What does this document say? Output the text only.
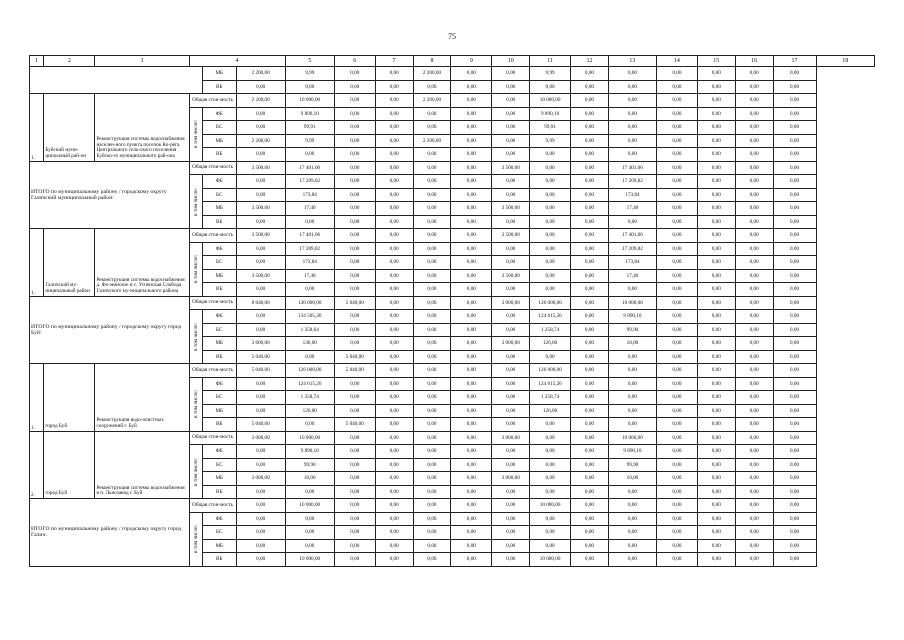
75
1	2	3	4			5	6	7	8	9	10	11	12	13	14	15	16	17	18
				МБ	2 200,00	9,99	0,00	0,00	2 200,00	0,00	0,00	9,99	0,00	0,00	0,00	0,00	0,00	0,00	
				ВБ	0,00	0,00	0,00	0,00	0,00	0,00	0,00	0,00	0,00	0,00	0,00	0,00	0,00	0,00	
1.	Буйский муни-ципальный рай-он	Реконструкция системы водоснабжения населен-ного пункта поселок Ко-рёга Центрального сель-ского поселения Буйско-го муниципального рай-она	Общая стои-мость		2 200,00	10 000,00	0,00	0,00	2 200,00	0,00	0,00	10 000,00	0,00	0,00	0,00	0,00	0,00	0,00	

			в том числе:	ФБ	0,00	9 890,10	0,00	0,00	0,00	0,00	0,00	9 890,10	0,00	0,00	0,00	0,00	0,00	0,00	
				БС	0,00	99,91	0,00	0,00	0,00	0,00	0,00	99,91	0,00	0,00	0,00	0,00	0,00	0,00	
				МБ	2 200,00	9,99	0,00	0,00	2 200,00	0,00	0,00	9,99	0,00	0,00	0,00	0,00	0,00	0,00	
				ВБ	0,00	0,00	0,00	0,00	0,00	0,00	0,00	0,00	0,00	0,00	0,00	0,00	0,00	0,00	
ИТОГО по муниципальному району / городскому округу Галичский муниципальный район:			Общая стои-мость		3 500,00	17 401,06	0,00	0,00	0,00	0,00	3 500,00	0,00	0,00	17 401,06	0,00	0,00	0,00	0,00	

			в том числе:	ФБ	0,00	17 209,82	0,00	0,00	0,00	0,00	0,00	0,00	0,00	17 209,82	0,00	0,00	0,00	0,00	
				БС	0,00	173,84	0,00	0,00	0,00	0,00	0,00	0,00	0,00	173,84	0,00	0,00	0,00	0,00	
				МБ	3 500,00	17,40	0,00	0,00	0,00	0,00	3 500,00	0,00	0,00	17,40	0,00	0,00	0,00	0,00	
				ВБ	0,00	0,00	0,00	0,00	0,00	0,00	0,00	0,00	0,00	0,00	0,00	0,00	0,00	0,00	
1.	Галичский му-ниципальный район	Реконструкция системы водоснабжения д. Фо-минское и с. Успенская Слобода Галичского му-ниципального района	Общая стои-мость		3 500,00	17 401,06	0,00	0,00	0,00	0,00	3 500,00	0,00	0,00	17 401,06	0,00	0,00	0,00	0,00	

			в том числе:	ФБ	0,00	17 209,82	0,00	0,00	0,00	0,00	0,00	0,00	0,00	17 209,82	0,00	0,00	0,00	0,00	
				БС	0,00	173,84	0,00	0,00	0,00	0,00	0,00	0,00	0,00	173,84	0,00	0,00	0,00	0,00	
				МБ	3 500,00	17,40	0,00	0,00	0,00	0,00	3 500,00	0,00	0,00	17,40	0,00	0,00	0,00	0,00	
				ВБ	0,00	0,00	0,00	0,00	0,00	0,00	0,00	0,00	0,00	0,00	0,00	0,00	0,00	0,00	
ИТОГО по муниципальному району / городскому округу город Буй:			Общая стои-мость		8 040,00	136 000,00	5 040,00	0,00	0,00	0,00	3 000,00	126 000,00	0,00	10 000,00	0,00	0,00	0,00	0,00	

			в том числе:	ФБ	0,00	134 505,36	0,00	0,00	0,00	0,00	0,00	124 615,26	0,00	9 890,10	0,00	0,00	0,00	0,00	
				БС	0,00	1 358,64	0,00	0,00	0,00	0,00	0,00	1 258,74	0,00	99,90	0,00	0,00	0,00	0,00	
				МБ	3 000,00	136,00	0,00	0,00	0,00	0,00	3 000,00	126,00	0,00	10,00	0,00	0,00	0,00	0,00	
				ВБ	5 040,00	0,00	5 040,00	0,00	0,00	0,00	0,00	0,00	0,00	0,00	0,00	0,00	0,00	0,00	
1.	город Буй	Реконструкция водо-очистных сооружений г. Буй	Общая стои-мость		5 040,00	126 000,00	5 040,00	0,00	0,00	0,00	0,00	126 000,00	0,00	0,00	0,00	0,00	0,00	0,00	

			в том числе:	ФБ	0,00	124 615,26	0,00	0,00	0,00	0,00	0,00	124 615,26	0,00	0,00	0,00	0,00	0,00	0,00	
				БС	0,00	1 258,74	0,00	0,00	0,00	0,00	0,00	1 258,74	0,00	0,00	0,00	0,00	0,00	0,00	
				МБ	0,00	126,00	0,00	0,00	0,00	0,00	0,00	126,00	0,00	0,00	0,00	0,00	0,00	0,00	
				ВБ	5 040,00	0,00	5 040,00	0,00	0,00	0,00	0,00	0,00	0,00	0,00	0,00	0,00	0,00	0,00	
2.	город Буй	Реконструкция системы водоснабжения в п. Льнозавод г. Буй	Общая стои-мость		3 000,00	10 000,00	0,00	0,00	0,00	0,00	3 000,00	0,00	0,00	10 000,00	0,00	0,00	0,00	0,00	

			в том числе:	ФБ	0,00	9 890,10	0,00	0,00	0,00	0,00	0,00	0,00	0,00	9 890,10	0,00	0,00	0,00	0,00	
				БС	0,00	99,90	0,00	0,00	0,00	0,00	0,00	0,00	0,00	99,90	0,00	0,00	0,00	0,00	
				МБ	3 000,00	10,00	0,00	0,00	0,00	0,00	3 000,00	0,00	0,00	10,00	0,00	0,00	0,00	0,00	
				ВБ	0,00	0,00	0,00	0,00	0,00	0,00	0,00	0,00	0,00	0,00	0,00	0,00	0,00	0,00	
ИТОГО по муниципальному району / городскому округу город Галич:			Общая стои-мость		0,00	10 000,00	0,00	0,00	0,00	0,00	0,00	10 000,00	0,00	0,00	0,00	0,00	0,00	0,00	

			в том числе:	ФБ	0,00	0,00	0,00	0,00	0,00	0,00	0,00	0,00	0,00	0,00	0,00	0,00	0,00	0,00	
				БС	0,00	0,00	0,00	0,00	0,00	0,00	0,00	0,00	0,00	0,00	0,00	0,00	0,00	0,00	
				МБ	0,00	0,00	0,00	0,00	0,00	0,00	0,00	0,00	0,00	0,00	0,00	0,00	0,00	0,00	
				ВБ	0,00	10 000,00	0,00	0,00	0,00	0,00	0,00	10 000,00	0,00	0,00	0,00	0,00	0,00	0,00	
